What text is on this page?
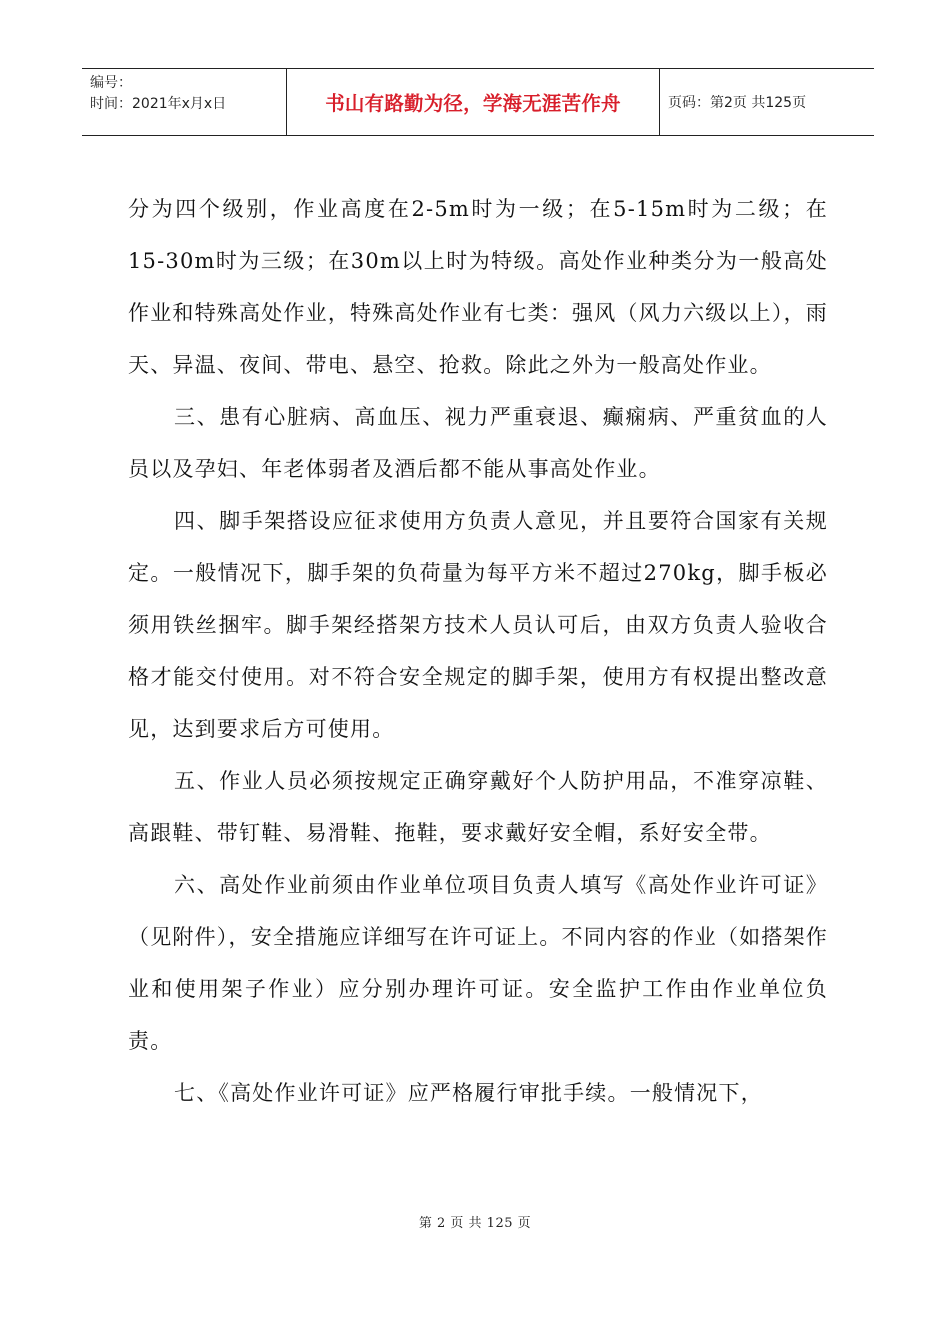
编号：
时间：2021年x月x日	书山有路勤为径，学海无涯苦作舟	页码：第2页 共125页

分为四个级别，作业高度在2-5m时为一级；在5-15m时为二级；在15-30m时为三级；在30m以上时为特级。高处作业种类分为一般高处作业和特殊高处作业，特殊高处作业有七类：强风（风力六级以上），雨天、异温、夜间、带电、悬空、抢救。除此之外为一般高处作业。

三、患有心脏病、高血压、视力严重衰退、癫痫病、严重贫血的人员以及孕妇、年老体弱者及酒后都不能从事高处作业。

四、脚手架搭设应征求使用方负责人意见，并且要符合国家有关规定。一般情况下，脚手架的负荷量为每平方米不超过270kg，脚手板必须用铁丝捆牢。脚手架经搭架方技术人员认可后，由双方负责人验收合格才能交付使用。对不符合安全规定的脚手架，使用方有权提出整改意见，达到要求后方可使用。

五、作业人员必须按规定正确穿戴好个人防护用品，不准穿凉鞋、高跟鞋、带钉鞋、易滑鞋、拖鞋，要求戴好安全帽，系好安全带。

六、高处作业前须由作业单位项目负责人填写《高处作业许可证》（见附件），安全措施应详细写在许可证上。不同内容的作业（如搭架作业和使用架子作业）应分别办理许可证。安全监护工作由作业单位负责。

七、《高处作业许可证》应严格履行审批手续。一般情况下，

第 2 页 共 125 页
